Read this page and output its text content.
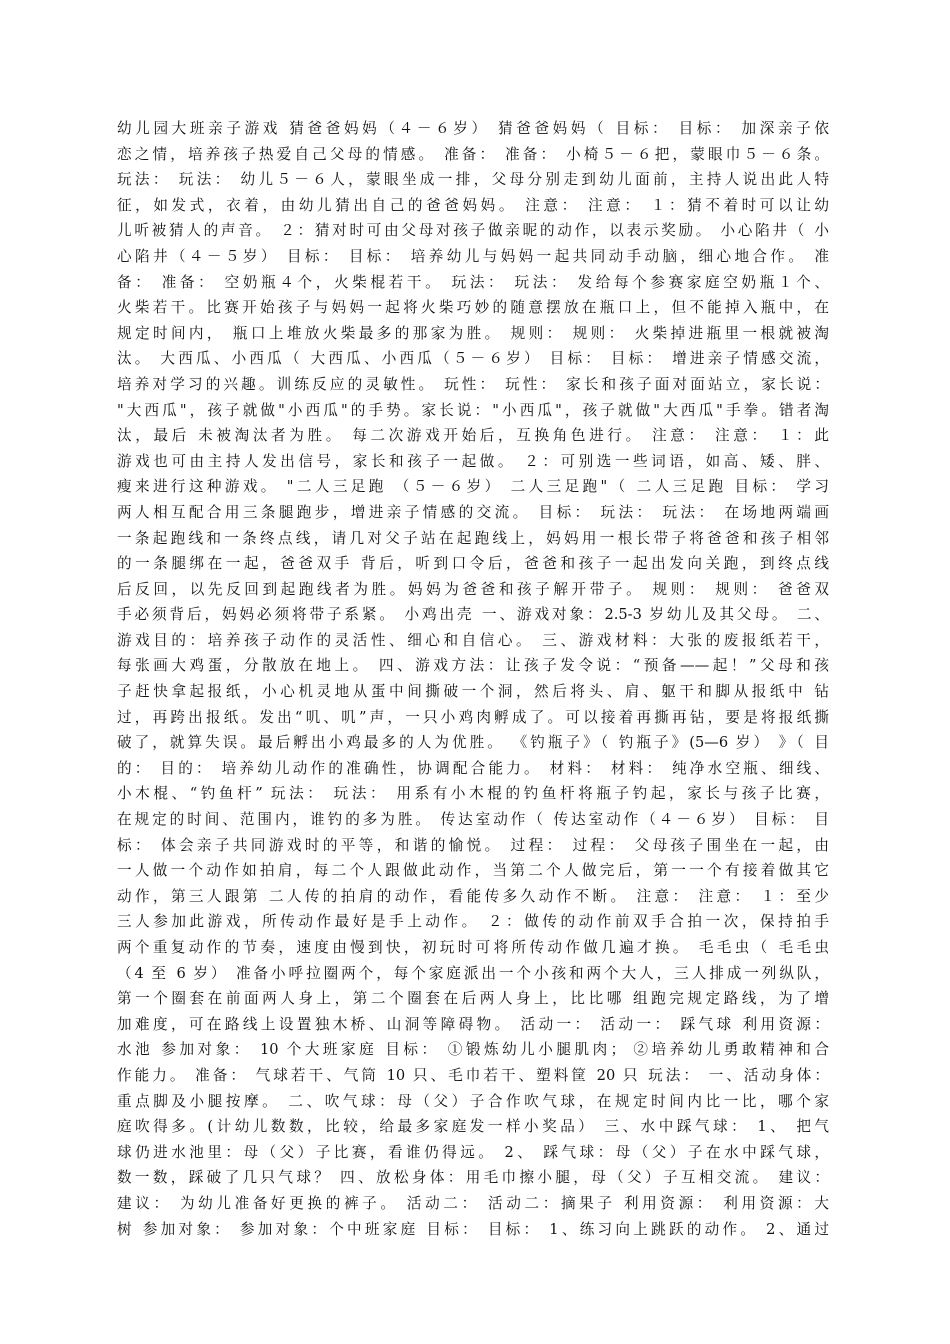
幼儿园大班亲子游戏 猜爸爸妈妈（４－６岁） 猜爸爸妈妈（ 目标： 目标： 加深亲子依
恋之情，培养孩子热爱自己父母的情感。 准备： 准备： 小椅５－６把，蒙眼巾５－６条。
玩法： 玩法： 幼儿５－６人，蒙眼坐成一排，父母分别走到幼儿面前，主持人说出此人特
征，如发式，衣着，由幼儿猜出自己的爸爸妈妈。 注意： 注意： １：猜不着时可以让幼
儿听被猜人的声音。 ２：猜对时可由父母对孩子做亲昵的动作，以表示奖励。 小心陷井（ 小
心陷井（４－５岁） 目标： 目标： 培养幼儿与妈妈一起共同动手动脑，细心地合作。 准
备： 准备： 空奶瓶４个，火柴棍若干。 玩法： 玩法： 发给每个参赛家庭空奶瓶１个、
火柴若干。比赛开始孩子与妈妈一起将火柴巧妙的随意摆放在瓶口上，但不能掉入瓶中，在
规定时间内， 瓶口上堆放火柴最多的那家为胜。 规则： 规则： 火柴掉进瓶里一根就被淘
汰。 大西瓜、小西瓜（ 大西瓜、小西瓜（５－６岁） 目标： 目标： 增进亲子情感交流，
培养对学习的兴趣。训练反应的灵敏性。 玩性： 玩性： 家长和孩子面对面站立，家长说：
"大西瓜"，孩子就做"小西瓜"的手势。家长说："小西瓜"，孩子就做"大西瓜"手拳。错者淘
汰，最后 未被淘汰者为胜。 每二次游戏开始后，互换角色进行。 注意： 注意： １：此
游戏也可由主持人发出信号，家长和孩子一起做。 ２：可别选一些词语，如高、矮、胖、
瘦来进行这种游戏。 "二人三足跑 （５－６岁） 二人三足跑"（ 二人三足跑 目标： 学习
两人相互配合用三条腿跑步，增进亲子情感的交流。 目标： 玩法： 玩法： 在场地两端画
一条起跑线和一条终点线，请几对父子站在起跑线上，妈妈用一根长带子将爸爸和孩子相邻
的一条腿绑在一起，爸爸双手 背后，听到口令后，爸爸和孩子一起出发向关跑，到终点线
后反回，以先反回到起跑线者为胜。妈妈为爸爸和孩子解开带子。 规则： 规则： 爸爸双
手必须背后，妈妈必须将带子系紧。 小鸡出壳 一、游戏对象：2.5-3 岁幼儿及其父母。 二、
游戏目的：培养孩子动作的灵活性、细心和自信心。 三、游戏材料：大张的废报纸若干，
每张画大鸡蛋，分散放在地上。 四、游戏方法：让孩子发令说：“预备——起！”父母和孩
子赶快拿起报纸，小心机灵地从蛋中间撕破一个洞，然后将头、肩、躯干和脚从报纸中 钻
过，再跨出报纸。发出“叽、叽”声，一只小鸡肉孵成了。可以接着再撕再钻，要是将报纸撕
破了，就算失误。最后孵出小鸡最多的人为优胜。 《钓瓶子》（ 钓瓶子》(5—6 岁） 》（ 目
的： 目的： 培养幼儿动作的准确性，协调配合能力。 材料： 材料： 纯净水空瓶、细线、
小木棍、“钓鱼杆” 玩法： 玩法： 用系有小木棍的钓鱼杆将瓶子钓起，家长与孩子比赛，
在规定的时间、范围内，谁钓的多为胜。 传达室动作（ 传达室动作（４－６岁） 目标： 目
标： 体会亲子共同游戏时的平等，和谐的愉悦。 过程： 过程： 父母孩子围坐在一起，由
一人做一个动作如拍肩，每二个人跟做此动作，当第二个人做完后，第一一个有接着做其它
动作，第三人跟第 二人传的拍肩的动作，看能传多久动作不断。 注意： 注意： １：至少
三人参加此游戏，所传动作最好是手上动作。 ２：做传的动作前双手合拍一次，保持拍手
两个重复动作的节奏，速度由慢到快，初玩时可将所传动作做几遍才换。 毛毛虫（ 毛毛虫
（4 至 6 岁） 准备小呼拉圈两个，每个家庭派出一个小孩和两个大人，三人排成一列纵队，
第一个圈套在前面两人身上，第二个圈套在后两人身上，比比哪 组跑完规定路线，为了增
加难度，可在路线上设置独木桥、山洞等障碍物。 活动一： 活动一： 踩气球 利用资源：
水池 参加对象： 10 个大班家庭 目标： ①锻炼幼儿小腿肌肉； ②培养幼儿勇敢精神和合
作能力。 准备： 气球若干、气筒 10 只、毛巾若干、塑料筐 20 只 玩法： 一、活动身体：
重点脚及小腿按摩。 二、吹气球：母（父）子合作吹气球，在规定时间内比一比，哪个家
庭吹得多。(计幼儿数数，比较，给最多家庭发一样小奖品） 三、水中踩气球： 1、 把气
球仍进水池里：母（父）子比赛，看谁仍得远。 2、 踩气球：母（父）子在水中踩气球，
数一数，踩破了几只气球？ 四、放松身体：用毛巾擦小腿，母（父）子互相交流。 建议：
建议： 为幼儿准备好更换的裤子。 活动二： 活动二：摘果子 利用资源： 利用资源：大
树 参加对象： 参加对象：个中班家庭 目标： 目标： 1、练习向上跳跃的动作。 2、通过
